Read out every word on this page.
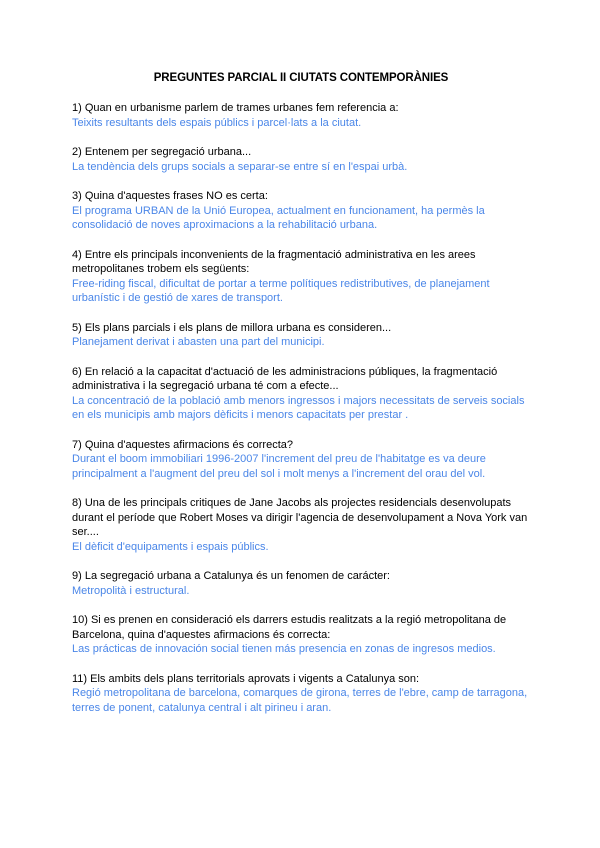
PREGUNTES PARCIAL II CIUTATS CONTEMPORÀNIES

1) Quan en urbanisme parlem de trames urbanes fem referencia a:

Teixits resultants dels espais públics i parcel·lats a la ciutat.

2) Entenem per segregació urbana...

La tendència dels grups socials a separar-se entre sí en l'espai urbà.

3) Quina d'aquestes frases NO es certa:

El programa URBAN de la Unió Europea, actualment en funcionament, ha permès la consolidació de noves aproximacions a la rehabilitació urbana.

4) Entre els principals inconvenients de la fragmentació administrativa en les arees metropolitanes trobem els següents:

Free-riding fiscal, dificultat de portar a terme polítiques redistributives, de planejament urbanístic i de gestió de xares de transport.

5) Els plans parcials i els plans de millora urbana es consideren...

Planejament derivat i abasten una part del municipi.

6) En relació a la capacitat d'actuació de les administracions públiques, la fragmentació administrativa i la segregació urbana té com a efecte...

La concentració de la població amb menors ingressos i majors necessitats de serveis socials en els municipis amb majors dèficits i menors capacitats per prestar .

7) Quina d'aquestes afirmacions és correcta?

Durant el boom immobiliari 1996-2007 l'increment del preu de l'habitatge es va deure principalment a l'augment del preu del sol i molt menys a l'increment del orau del vol.

8) Una de les principals critiques de Jane Jacobs als projectes residencials desenvolupats durant el període que Robert Moses va dirigir l'agencia de desenvolupament a Nova York van ser....

El dèficit d'equipaments i espais públics.

9) La segregació urbana a Catalunya és un fenomen de carácter:

Metropolità i estructural.

10) Si es prenen en consideració els darrers estudis realitzats a la regió metropolitana de Barcelona, quina d'aquestes afirmacions és correcta:

Las prácticas de innovación social tienen más presencia en zonas de ingresos medios.

11) Els ambits dels plans territorials aprovats i vigents a Catalunya son:

Regió metropolitana de barcelona, comarques de girona, terres de l'ebre, camp de tarragona, terres de ponent, catalunya central i alt pirineu i aran.
